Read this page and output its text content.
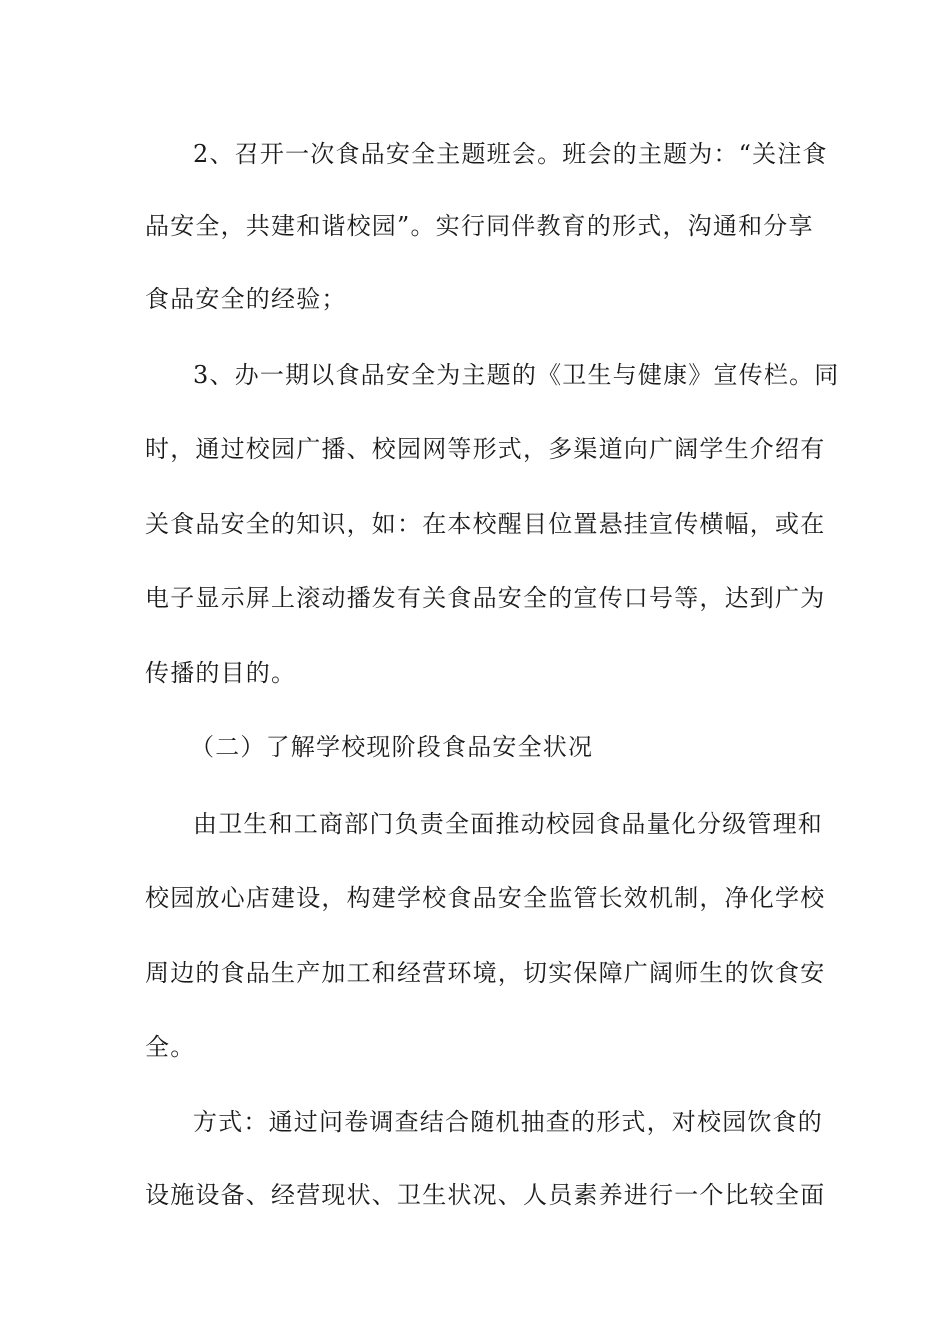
2、召开一次食品安全主题班会。班会的主题为：“关注食
品安全，共建和谐校园”。实行同伴教育的形式，沟通和分享
食品安全的经验；
3、办一期以食品安全为主题的《卫生与健康》宣传栏。同
时，通过校园广播、校园网等形式，多渠道向广阔学生介绍有
关食品安全的知识，如：在本校醒目位置悬挂宣传横幅，或在
电子显示屏上滚动播发有关食品安全的宣传口号等，达到广为
传播的目的。
（二）了解学校现阶段食品安全状况
由卫生和工商部门负责全面推动校园食品量化分级管理和
校园放心店建设，构建学校食品安全监管长效机制，净化学校
周边的食品生产加工和经营环境，切实保障广阔师生的饮食安
全。
方式：通过问卷调查结合随机抽查的形式，对校园饮食的
设施设备、经营现状、卫生状况、人员素养进行一个比较全面
